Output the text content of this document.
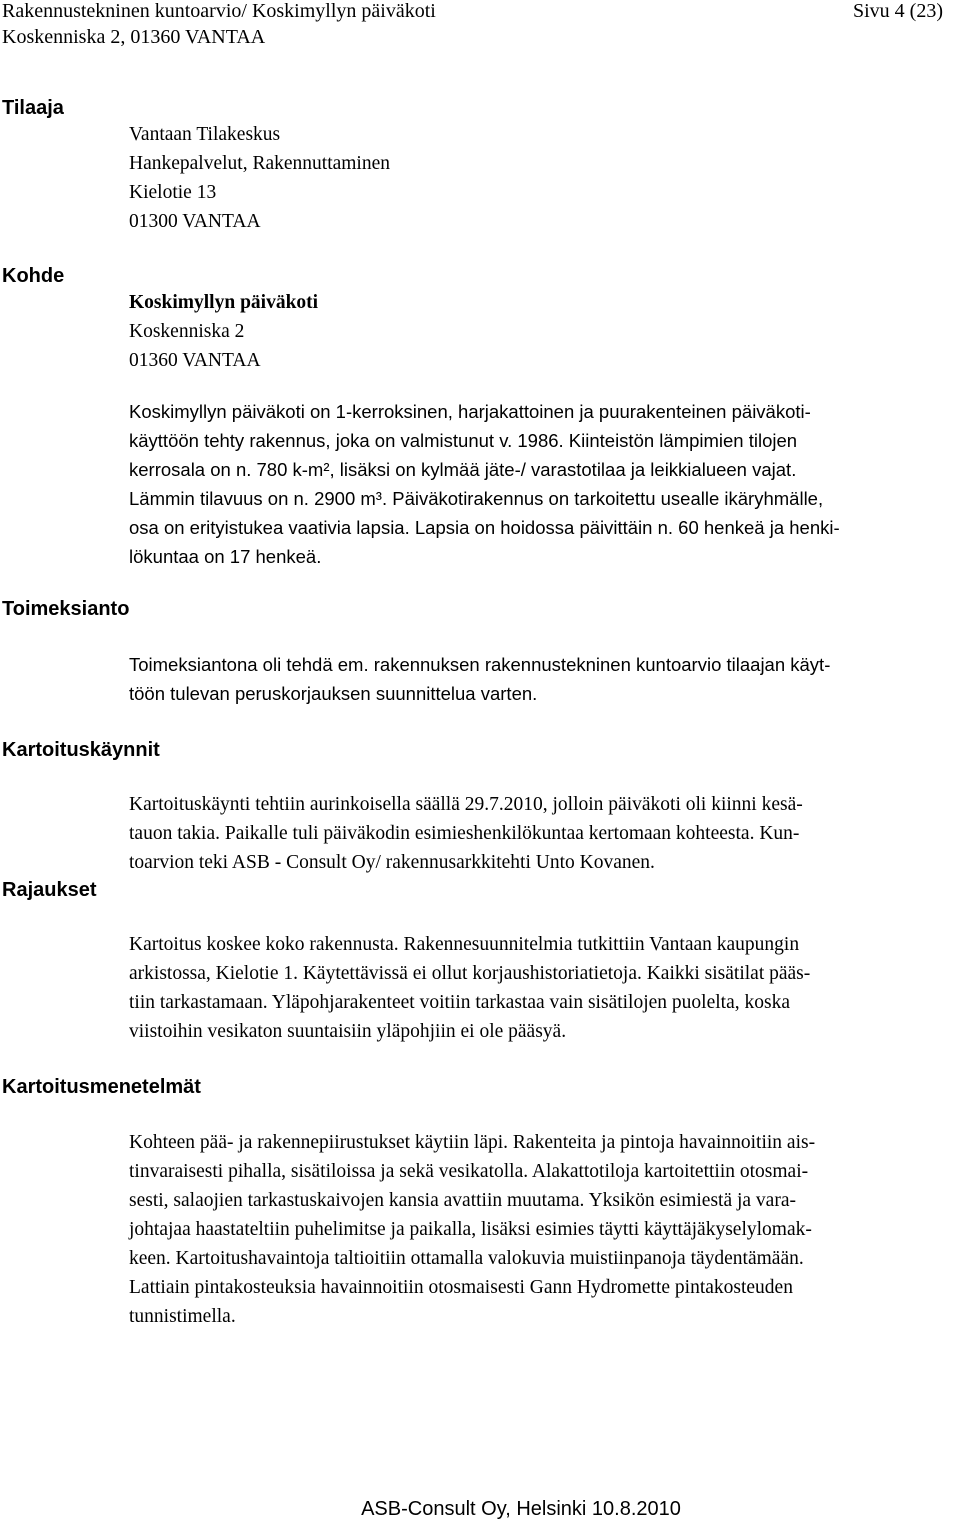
Rakennustekninen kuntoarvio/ Koskimyllyn päiväkoti	Sivu 4 (23)
Koskenniska 2, 01360 VANTAA
Tilaaja
Kohde
Toimeksianto
Kartoituskäynnit
Rajaukset
Kartoitusmenetelmät
Vantaan Tilakeskus
Hankepalvelut, Rakennuttaminen
Kielotie 13
01300 VANTAA
Koskimyllyn päiväkoti
Koskenniska 2
01360 VANTAA
Koskimyllyn päiväkoti on 1-kerroksinen, harjakattoinen ja puurakenteinen päiväkoti-
käyttöön tehty rakennus, joka on valmistunut v. 1986. Kiinteistön lämpimien tilojen
kerrosala on n. 780 k-m², lisäksi on kylmää jäte-/ varastotilaa ja leikkialueen vajat.
Lämmin tilavuus on n. 2900 m³. Päiväkotirakennus on tarkoitettu usealle ikäryhmälle,
osa on erityistukea vaativia lapsia. Lapsia on hoidossa päivittäin n. 60 henkeä ja henki-
lökuntaa on 17 henkeä.
Toimeksiantona oli tehdä em. rakennuksen rakennustekninen kuntoarvio tilaajan käyt-
töön tulevan peruskorjauksen suunnittelua varten.
Kartoituskäynti tehtiin aurinkoisella säällä 29.7.2010, jolloin päiväkoti oli kiinni kesä-
tauon takia. Paikalle tuli päiväkodin esimieshenkilökuntaa kertomaan kohteesta. Kun-
toarvion teki ASB - Consult Oy/ rakennusarkkitehti Unto Kovanen.
Kartoitus koskee koko rakennusta. Rakennesuunnitelmia tutkittiin Vantaan kaupungin
arkistossa, Kielotie 1. Käytettävissä ei ollut korjaushistoriatietoja. Kaikki sisätilat pääs-
tiin tarkastamaan. Yläpohjarakenteet voitiin tarkastaa vain sisätilojen puolelta, koska
viistoihin vesikaton suuntaisiin yläpohjiin ei ole pääsyä.
Kohteen pää- ja rakennepiirustukset käytiin läpi. Rakenteita ja pintoja havainnoitiin ais-
tinvaraisesti pihalla, sisätiloissa ja sekä vesikatolla. Alakattotiloja kartoitettiin otosmai-
sesti, salaojien tarkastuskaivojen kansia avattiin muutama. Yksikön esimiestä ja vara-
johtajaa haastateltiin puhelimitse ja paikalla, lisäksi esimies täytti käyttäjäkyselylomak-
keen. Kartoitushavaintoja taltioitiin ottamalla valokuvia muistiinpanoja täydentämään.
Lattiain pintakosteuksia havainnoitiin otosmaisesti Gann Hydromette pintakosteuden
tunnistimella.
ASB-Consult Oy, Helsinki 10.8.2010
